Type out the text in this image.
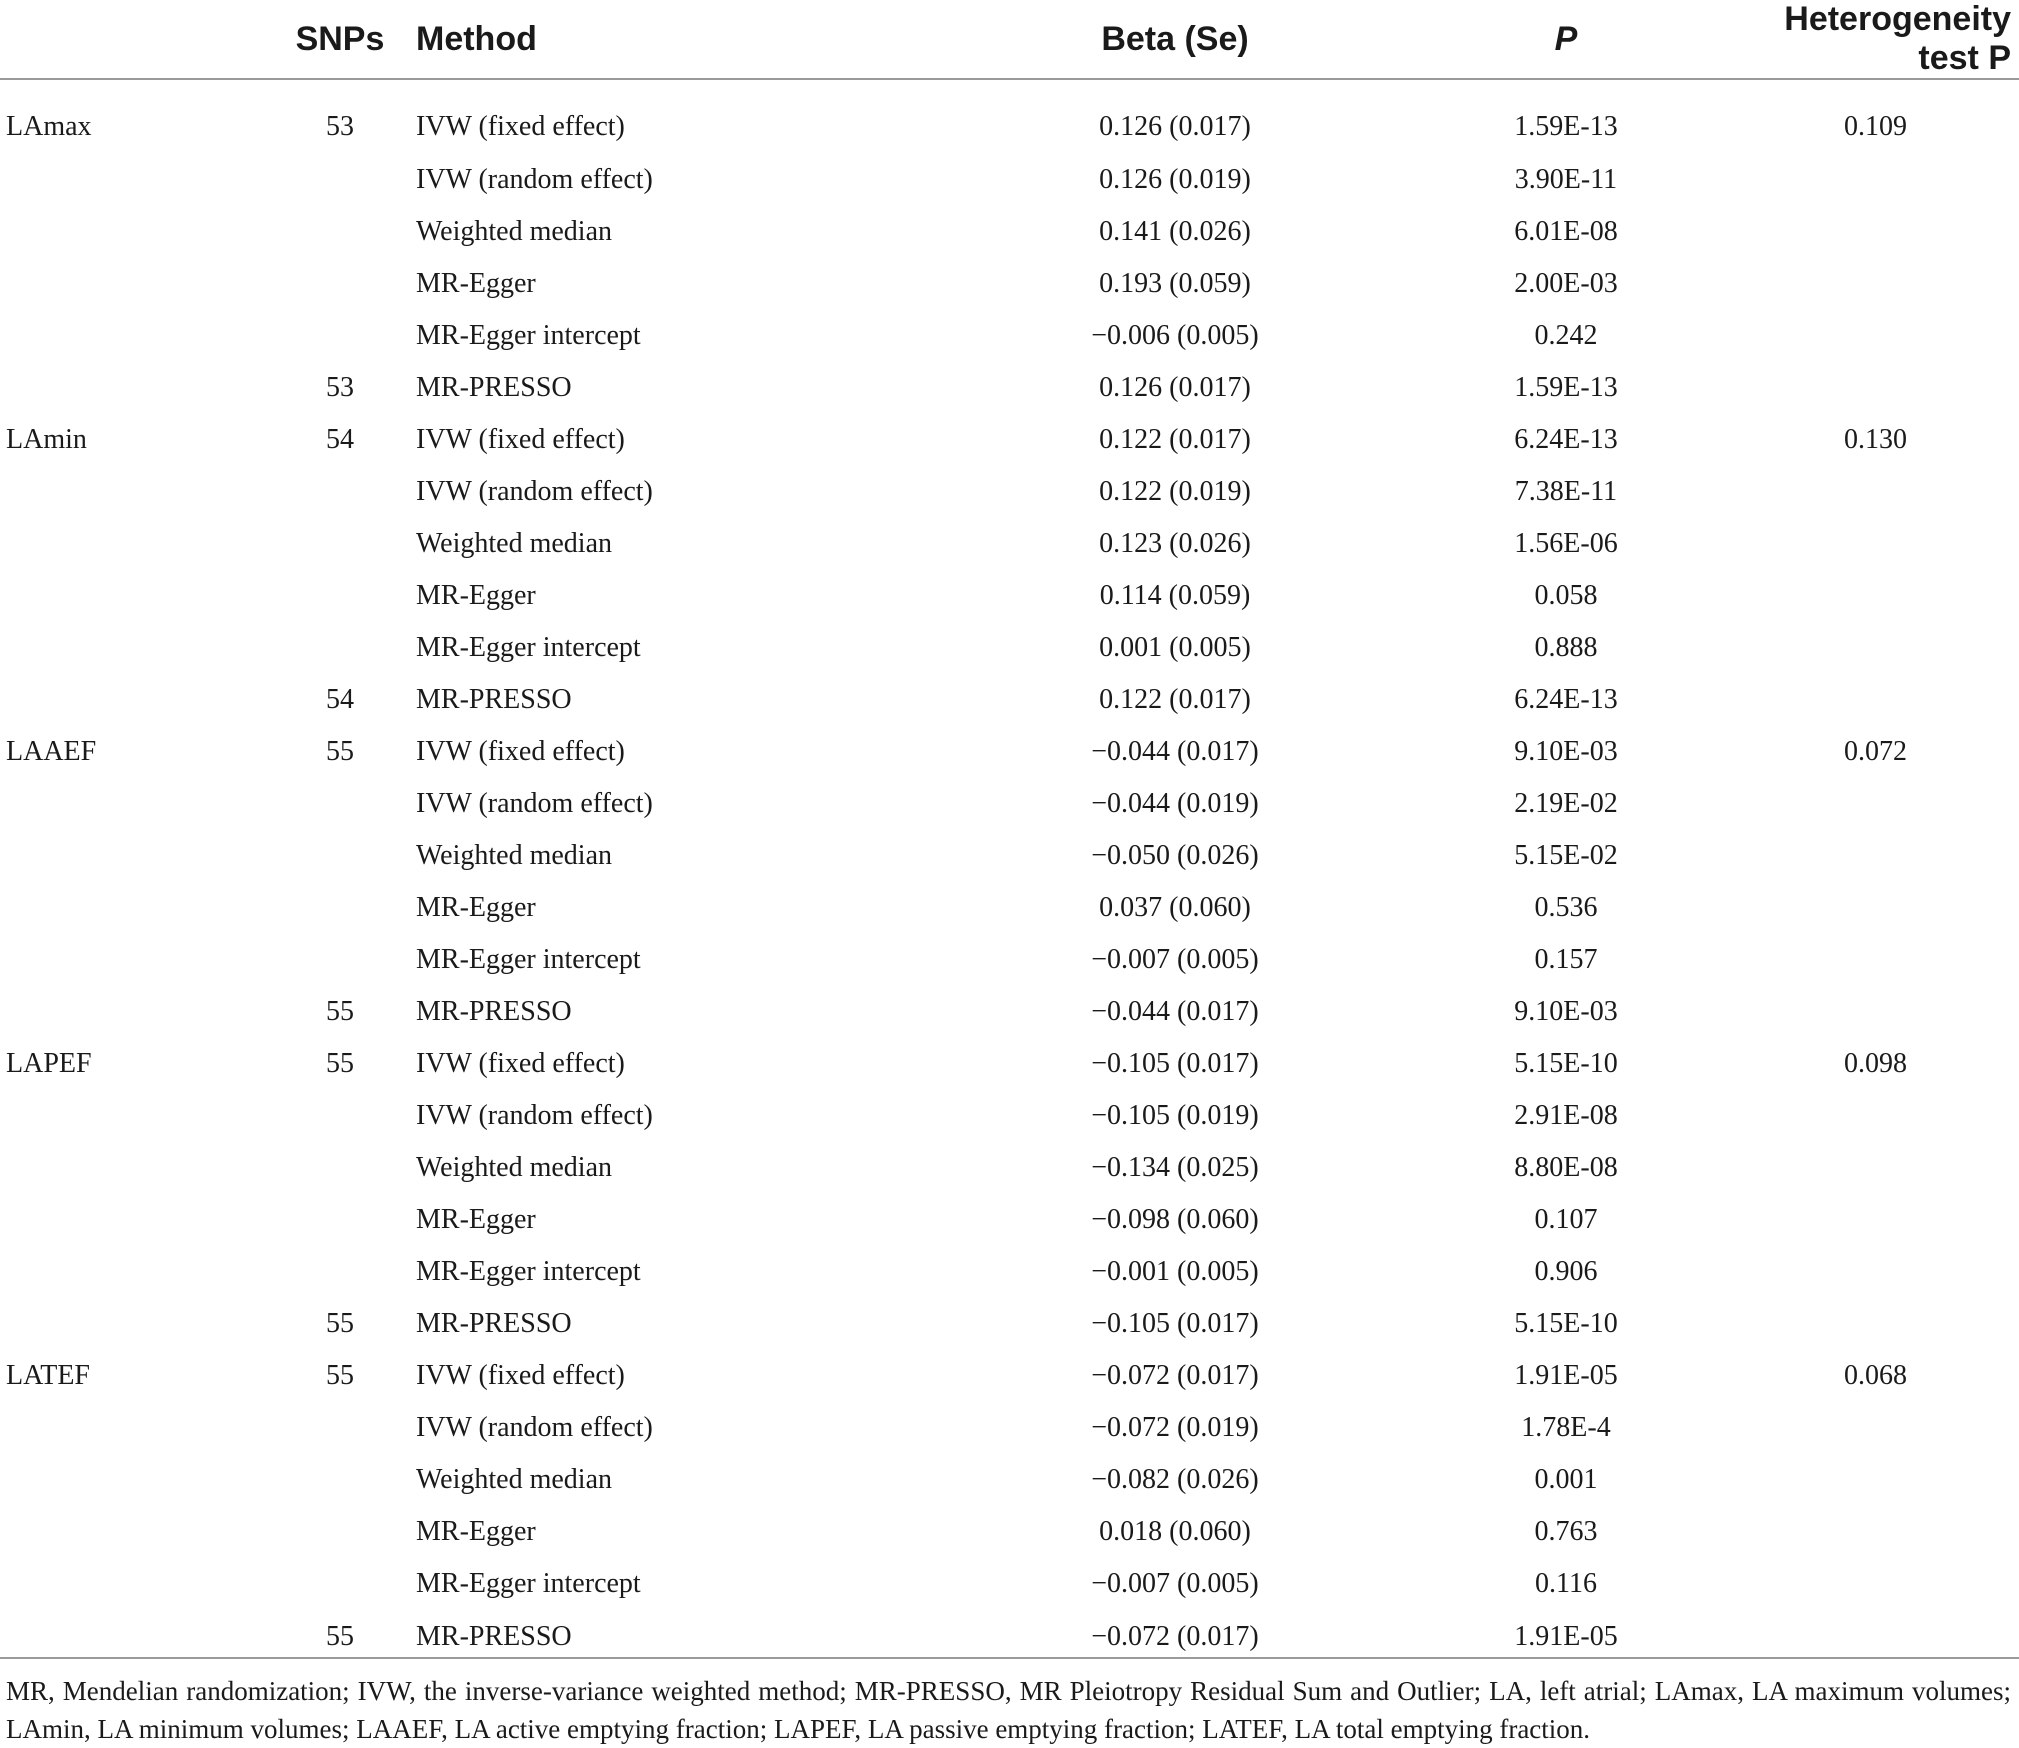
	SNPs	Method	Beta (Se)	P	Heterogeneity test P
LAmax	53	IVW (fixed effect)	0.126 (0.017)	1.59E-13	0.109
		IVW (random effect)	0.126 (0.019)	3.90E-11	
		Weighted median	0.141 (0.026)	6.01E-08	
		MR-Egger	0.193 (0.059)	2.00E-03	
		MR-Egger intercept	−0.006 (0.005)	0.242	
	53	MR-PRESSO	0.126 (0.017)	1.59E-13	
LAmin	54	IVW (fixed effect)	0.122 (0.017)	6.24E-13	0.130
		IVW (random effect)	0.122 (0.019)	7.38E-11	
		Weighted median	0.123 (0.026)	1.56E-06	
		MR-Egger	0.114 (0.059)	0.058	
		MR-Egger intercept	0.001 (0.005)	0.888	
	54	MR-PRESSO	0.122 (0.017)	6.24E-13	
LAAEF	55	IVW (fixed effect)	−0.044 (0.017)	9.10E-03	0.072
		IVW (random effect)	−0.044 (0.019)	2.19E-02	
		Weighted median	−0.050 (0.026)	5.15E-02	
		MR-Egger	0.037 (0.060)	0.536	
		MR-Egger intercept	−0.007 (0.005)	0.157	
	55	MR-PRESSO	−0.044 (0.017)	9.10E-03	
LAPEF	55	IVW (fixed effect)	−0.105 (0.017)	5.15E-10	0.098
		IVW (random effect)	−0.105 (0.019)	2.91E-08	
		Weighted median	−0.134 (0.025)	8.80E-08	
		MR-Egger	−0.098 (0.060)	0.107	
		MR-Egger intercept	−0.001 (0.005)	0.906	
	55	MR-PRESSO	−0.105 (0.017)	5.15E-10	
LATEF	55	IVW (fixed effect)	−0.072 (0.017)	1.91E-05	0.068
		IVW (random effect)	−0.072 (0.019)	1.78E-4	
		Weighted median	−0.082 (0.026)	0.001	
		MR-Egger	0.018 (0.060)	0.763	
		MR-Egger intercept	−0.007 (0.005)	0.116	
	55	MR-PRESSO	−0.072 (0.017)	1.91E-05	
MR, Mendelian randomization; IVW, the inverse-variance weighted method; MR-PRESSO, MR Pleiotropy Residual Sum and Outlier; LA, left atrial; LAmax, LA maximum volumes; LAmin, LA minimum volumes; LAAEF, LA active emptying fraction; LAPEF, LA passive emptying fraction; LATEF, LA total emptying fraction.
